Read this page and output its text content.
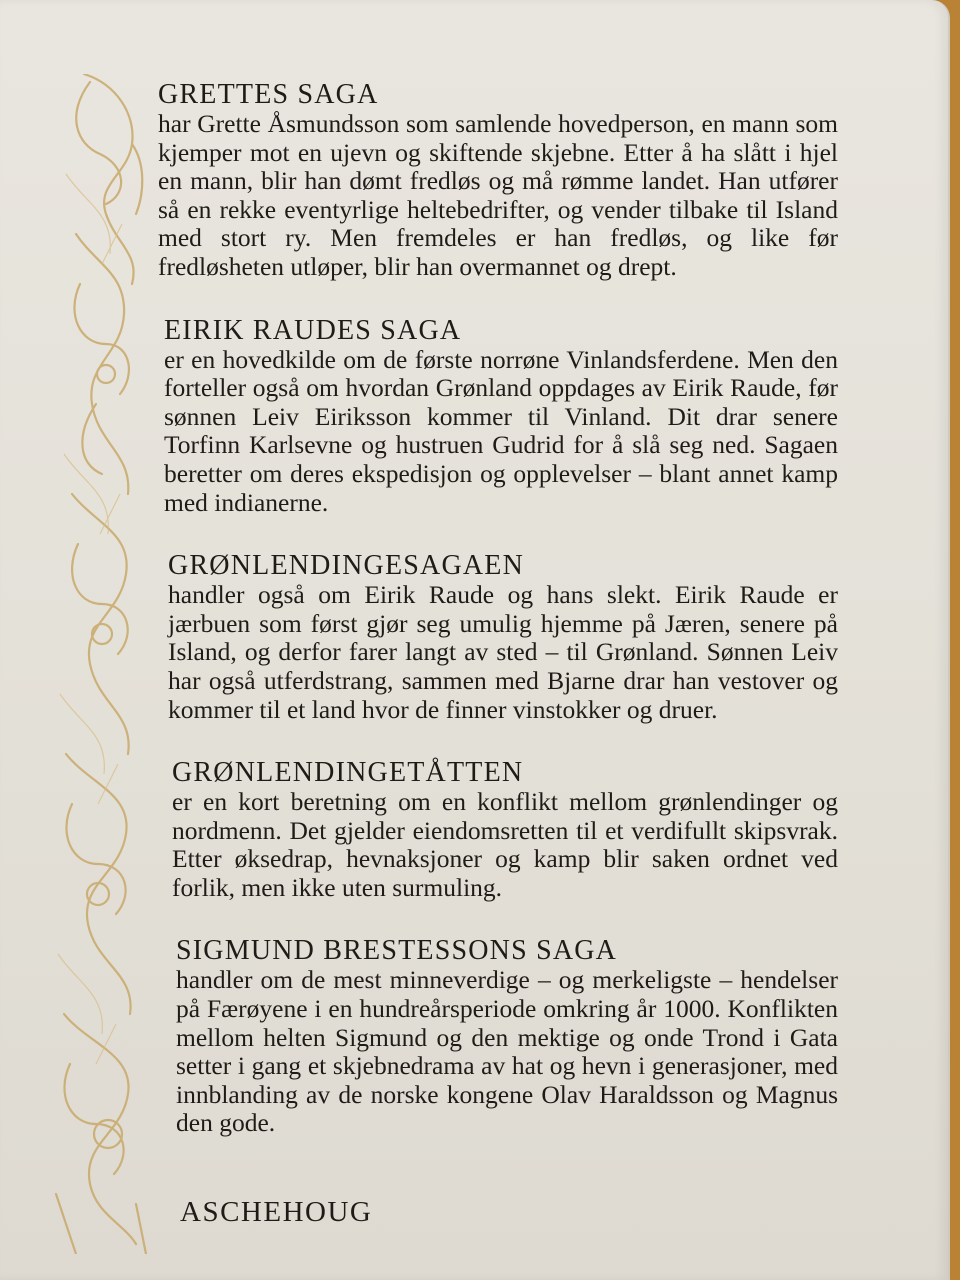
GRETTES SAGA

har Grette Åsmundsson som samlende hovedperson, en mann som kjemper mot en ujevn og skiftende skjebne. Etter å ha slått i hjel en mann, blir han dømt fredløs og må rømme landet. Han utfører så en rekke eventyrlige heltebedrifter, og vender tilbake til Island med stort ry. Men fremdeles er han fredløs, og like før fredløsheten utløper, blir han overmannet og drept.

EIRIK RAUDES SAGA

er en hovedkilde om de første norrøne Vinlandsferdene. Men den forteller også om hvordan Grønland oppdages av Eirik Raude, før sønnen Leiv Eiriksson kommer til Vinland. Dit drar senere Torfinn Karlsevne og hustruen Gudrid for å slå seg ned. Sagaen beretter om deres ekspedisjon og opplevelser – blant annet kamp med indianerne.

GRØNLENDINGESAGAEN

handler også om Eirik Raude og hans slekt. Eirik Raude er jærbuen som først gjør seg umulig hjemme på Jæren, senere på Island, og derfor farer langt av sted – til Grønland. Sønnen Leiv har også utferdstrang, sammen med Bjarne drar han vestover og kommer til et land hvor de finner vinstokker og druer.

GRØNLENDINGETÅTTEN

er en kort beretning om en konflikt mellom grønlendinger og nordmenn. Det gjelder eiendomsretten til et verdifullt skipsvrak. Etter øksedrap, hevnaksjoner og kamp blir saken ordnet ved forlik, men ikke uten surmuling.

SIGMUND BRESTESSONS SAGA

handler om de mest minneverdige – og merkeligste – hendelser på Færøyene i en hundreårsperiode omkring år 1000. Konflikten mellom helten Sigmund og den mektige og onde Trond i Gata setter i gang et skjebnedrama av hat og hevn i generasjoner, med innblanding av de norske kongene Olav Haraldsson og Magnus den gode.

ASCHEHOUG
